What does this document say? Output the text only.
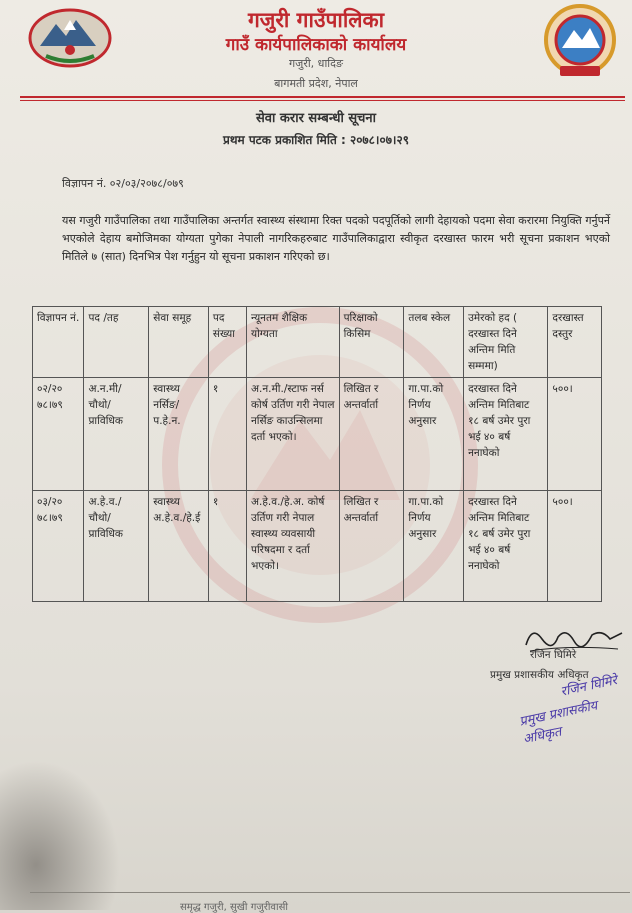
गजुरी गाउँपालिका
गाउँ कार्यपालिकाको कार्यालय
गजुरी, धादिङ
बागमती प्रदेश, नेपाल
सेवा करार सम्बन्धी सूचना
प्रथम पटक प्रकाशित मिति : २०७८।०७।२९
विज्ञापन नं. ०२/०३/२०७८/०७९
यस गजुरी गाउँपालिका तथा गाउँपालिका अन्तर्गत स्वास्थ्य संस्थामा रिक्त पदको पदपूर्तिको लागी देहायको पदमा सेवा करारमा नियुक्ति गर्नुपर्ने भएकोले देहाय बमोजिमका योग्यता पुगेका नेपाली नागरिकहरुबाट गाउँपालिकाद्वारा स्वीकृत दरखास्त फारम भरी सूचना प्रकाशन भएको मितिले ७ (सात) दिनभित्र पेश गर्नुहुन यो सूचना प्रकाशन गरिएको छ।
विज्ञापन नं.	पद /तह	सेवा समूह	पद संख्या	न्यूनतम शैक्षिक योग्यता	परिक्षाको किसिम	तलब स्केल	उमेरको हद ( दरखास्त दिने अन्तिम मिति सम्ममा)	दरखास्त दस्तुर
०२/२० ७८।७९	अ.न.मी/ चौथो/ प्राविधिक	स्वास्थ्य नर्सिङ/ प.हे.न.	१	अ.न.मी./स्टाफ नर्स कोर्ष उर्तिण गरी नेपाल नर्सिङ काउन्सिलमा दर्ता भएको।	लिखित र अन्तर्वार्ता	गा.पा.को निर्णय अनुसार	दरखास्त दिने अन्तिम मितिबाट १८ बर्ष उमेर पुरा भई ४० बर्ष ननाघेको	५००।
०३/२० ७८।७९	अ.हे.व./ चौथो/ प्राविधिक	स्वास्थ्य अ.हे.व./हे.ई	१	अ.हे.व./हे.अ. कोर्ष उर्तिण गरी नेपाल स्वास्थ्य व्यवसायी परिषदमा र दर्ता भएको।	लिखित र अन्तर्वार्ता	गा.पा.को निर्णय अनुसार	दरखास्त दिने अन्तिम मितिबाट १८ बर्ष उमेर पुरा भई ४० बर्ष ननाघेको	५००।
रजिन घिमिरे
प्रमुख प्रशासकीय अधिकृत
रजिन घिमिरे
प्रमुख प्रशासकीय अधिकृत
समृद्ध गजुरी, सुखी गजुरीवासी
